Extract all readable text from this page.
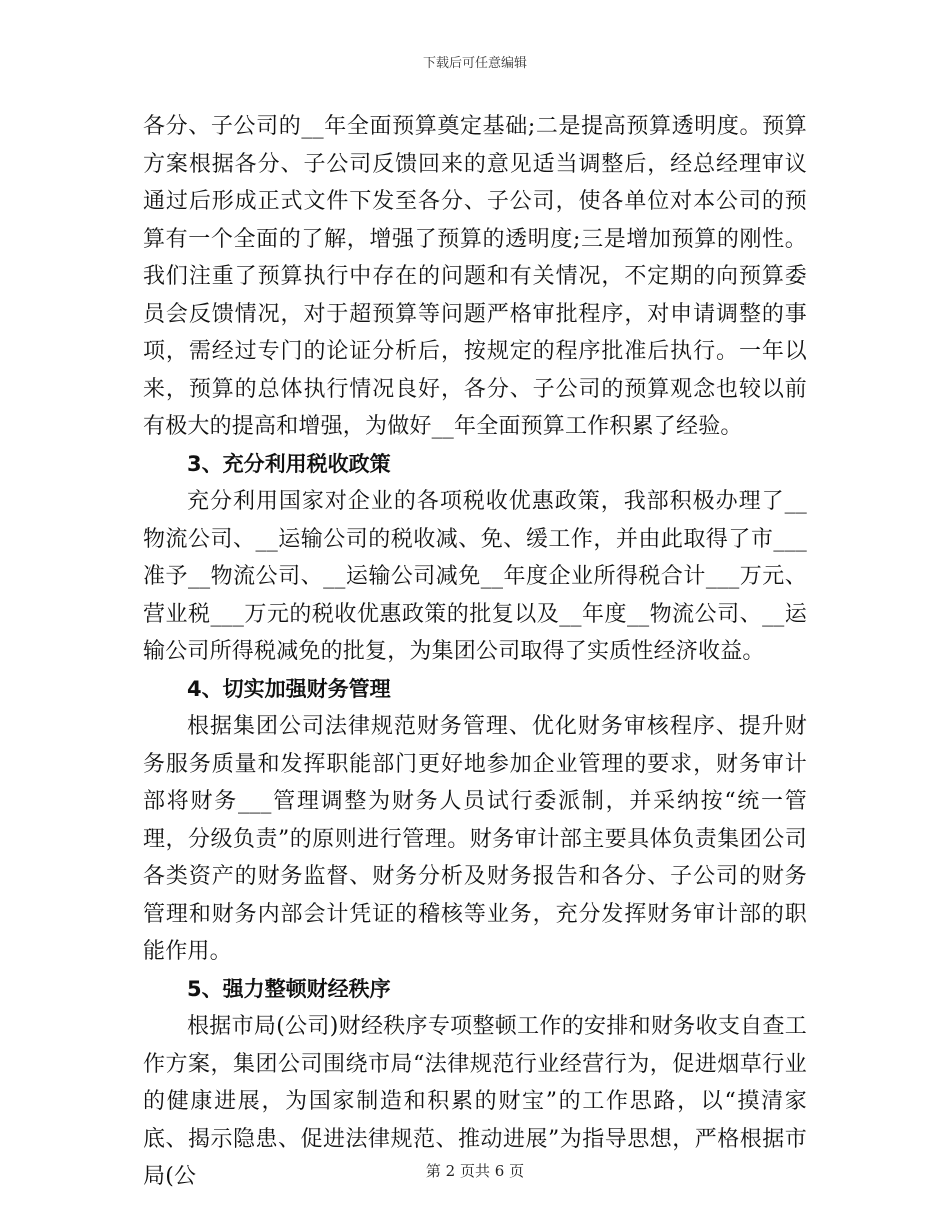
下载后可任意编辑

各分、子公司的__年全面预算奠定基础;二是提高预算透明度。预算方案根据各分、子公司反馈回来的意见适当调整后，经总经理审议通过后形成正式文件下发至各分、子公司，使各单位对本公司的预算有一个全面的了解，增强了预算的透明度;三是增加预算的刚性。我们注重了预算执行中存在的问题和有关情况，不定期的向预算委员会反馈情况，对于超预算等问题严格审批程序，对申请调整的事项，需经过专门的论证分析后，按规定的程序批准后执行。一年以来，预算的总体执行情况良好，各分、子公司的预算观念也较以前有极大的提高和增强，为做好__年全面预算工作积累了经验。

3、充分利用税收政策

充分利用国家对企业的各项税收优惠政策，我部积极办理了__物流公司、__运输公司的税收减、免、缓工作，并由此取得了市___准予__物流公司、__运输公司减免__年度企业所得税合计___万元、营业税___万元的税收优惠政策的批复以及__年度__物流公司、__运输公司所得税减免的批复，为集团公司取得了实质性经济收益。

4、切实加强财务管理

根据集团公司法律规范财务管理、优化财务审核程序、提升财务服务质量和发挥职能部门更好地参加企业管理的要求，财务审计部将财务___管理调整为财务人员试行委派制，并采纳按“统一管理，分级负责”的原则进行管理。财务审计部主要具体负责集团公司各类资产的财务监督、财务分析及财务报告和各分、子公司的财务管理和财务内部会计凭证的稽核等业务，充分发挥财务审计部的职能作用。

5、强力整顿财经秩序

根据市局(公司)财经秩序专项整顿工作的安排和财务收支自查工作方案，集团公司围绕市局“法律规范行业经营行为，促进烟草行业的健康进展，为国家制造和积累的财宝”的工作思路，以“摸清家底、揭示隐患、促进法律规范、推动进展”为指导思想，严格根据市局(公	第 2 页共 6 页
